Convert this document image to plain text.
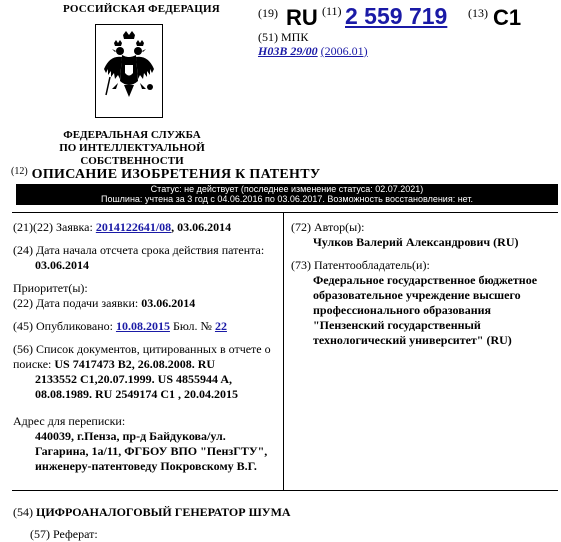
РОССИЙСКАЯ ФЕДЕРАЦИЯ
ФЕДЕРАЛЬНАЯ СЛУЖБА
ПО ИНТЕЛЛЕКТУАЛЬНОЙ СОБСТВЕННОСТИ
(19) RU (11) 2 559 719 (13) C1
(51) МПК
H03B 29/00 (2006.01)
$^{(12)}$ ОПИСАНИЕ ИЗОБРЕТЕНИЯ К ПАТЕНТУ
Статус: не действует (последнее изменение статуса: 02.07.2021)
Пошлина: учтена за 3 год с 04.06.2016 по 03.06.2017. Возможность восстановления: нет.
(21)(22) Заявка: 2014122641/08, 03.06.2014
(24) Дата начала отсчета срока действия патента:
03.06.2014
Приоритет(ы):
(22) Дата подачи заявки: 03.06.2014
(45) Опубликовано: 10.08.2015 Бюл. № 22
(56) Список документов, цитированных в отчете о поиске: US 7417473 B2, 26.08.2008. RU
2133552 C1,20.07.1999. US 4855944 A,
08.08.1989. RU 2549174 C1 , 20.04.2015
Адрес для переписки:
440039, г.Пенза, пр-д Байдукова/ул.
Гагарина, 1а/11, ФГБОУ ВПО "ПензГТУ",
инженеру-патентоведу Покровскому В.Г.
(72) Автор(ы):
Чулков Валерий Александрович (RU)
(73) Патентообладатель(и):
Федеральное государственное бюджетное
образовательное учреждение высшего
профессионального образования
"Пензенский государственный
технологический университет" (RU)
(54) ЦИФРОАНАЛОГОВЫЙ ГЕНЕРАТОР ШУМА
(57) Реферат:
